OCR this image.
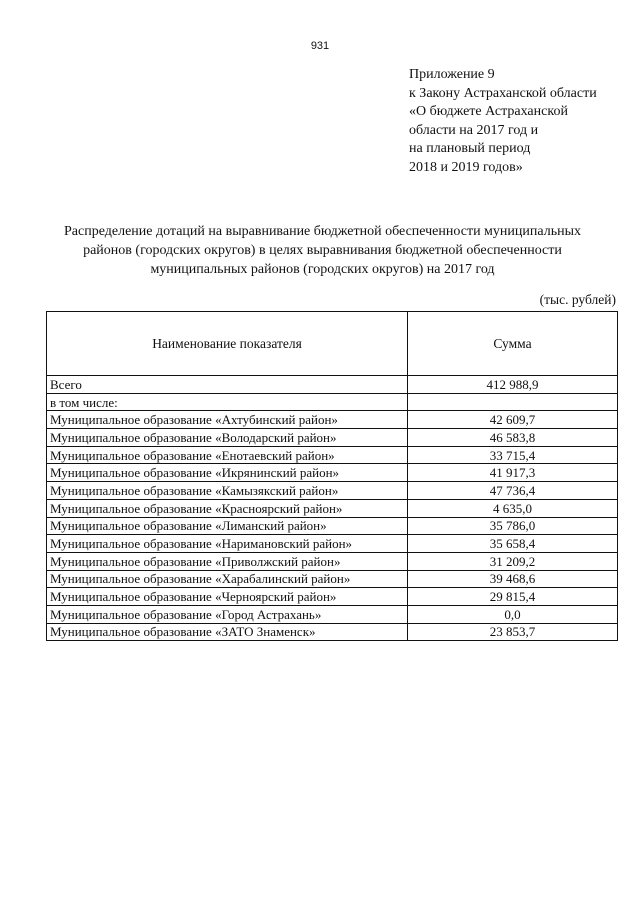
931
Приложение 9
к Закону Астраханской области
«О бюджете Астраханской
области на 2017 год и
на плановый период
2018 и 2019 годов»
Распределение дотаций на выравнивание бюджетной обеспеченности муниципальных
районов (городских округов) в целях выравнивания бюджетной обеспеченности
муниципальных районов (городских округов) на 2017 год
(тыс. рублей)
Наименование показателя	Сумма
Всего	412 988,9
в том числе:	
Муниципальное образование «Ахтубинский район»	42 609,7
Муниципальное образование «Володарский район»	46 583,8
Муниципальное образование «Енотаевский район»	33 715,4
Муниципальное образование «Икрянинский район»	41 917,3
Муниципальное образование «Камызякский район»	47 736,4
Муниципальное образование «Красноярский район»	4 635,0
Муниципальное образование «Лиманский район»	35 786,0
Муниципальное образование «Наримановский район»	35 658,4
Муниципальное образование «Приволжский район»	31 209,2
Муниципальное образование «Харабалинский район»	39 468,6
Муниципальное образование «Черноярский район»	29 815,4
Муниципальное образование «Город Астрахань»	0,0
Муниципальное образование «ЗАТО Знаменск»	23 853,7
